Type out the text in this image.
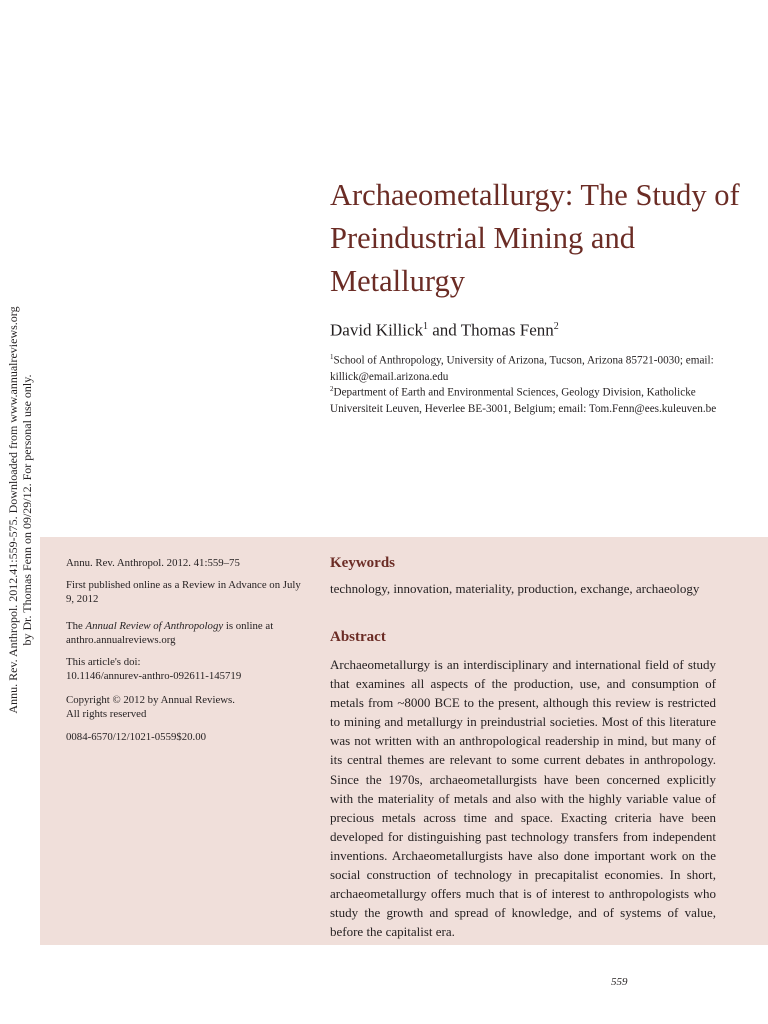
Annu. Rev. Anthropol. 2012.41:559-575. Downloaded from www.annualreviews.org by Dr. Thomas Fenn on 09/29/12. For personal use only.
Archaeometallurgy: The Study of Preindustrial Mining and Metallurgy

David Killick$^1$ and Thomas Fenn$^2$

$^1$School of Anthropology, University of Arizona, Tucson, Arizona 85721-0030; email: killick@email.arizona.edu

$^2$Department of Earth and Environmental Sciences, Geology Division, Katholicke Universiteit Leuven, Heverlee BE-3001, Belgium; email: Tom.Fenn@ees.kuleuven.be

Annu. Rev. Anthropol. 2012. 41:559–75

First published online as a Review in Advance on July 9, 2012

The Annual Review of Anthropology is online at anthro.annualreviews.org

This article's doi:
10.1146/annurev-anthro-092611-145719

Copyright © 2012 by Annual Reviews.
All rights reserved

0084-6570/12/1021-0559$20.00

Keywords

technology, innovation, materiality, production, exchange, archaeology

Abstract

Archaeometallurgy is an interdisciplinary and international field of study that examines all aspects of the production, use, and consumption of metals from ~8000 BCE to the present, although this review is restricted to mining and metallurgy in preindustrial societies. Most of this literature was not written with an anthropological readership in mind, but many of its central themes are relevant to some current debates in anthropology. Since the 1970s, archaeometallurgists have been concerned explicitly with the materiality of metals and also with the highly variable value of precious metals across time and space. Exacting criteria have been developed for distinguishing past technology transfers from independent inventions. Archaeometallurgists have also done important work on the social construction of technology in precapitalist economies. In short, archaeometallurgy offers much that is of interest to anthropologists who study the growth and spread of knowledge, and of systems of value, before the capitalist era.

559
